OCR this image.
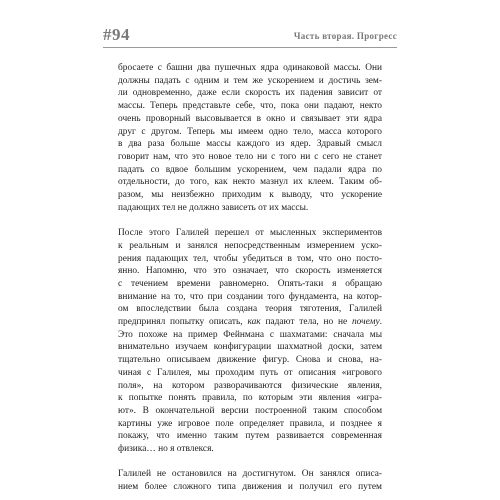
#94	Часть вторая. Прогресс

бросаете с башни два пушечных ядра одинаковой массы. Они
должны падать с одним и тем же ускорением и достичь зем-
ли одновременно, даже если скорость их падения зависит от
массы. Теперь представьте себе, что, пока они падают, некто
очень проворный высовывается в окно и связывает эти ядра
друг с другом. Теперь мы имеем одно тело, масса которого
в два раза больше массы каждого из ядер. Здравый смысл
говорит нам, что это новое тело ни с того ни с сего не станет
падать со вдвое большим ускорением, чем падали ядра по
отдельности, до того, как некто мазнул их клеем. Таким об-
разом, мы неизбежно приходим к выводу, что ускорение
падающих тел не должно зависеть от их массы.

После этого Галилей перешел от мысленных экспериментов
к реальным и занялся непосредственным измерением уско-
рения падающих тел, чтобы убедиться в том, что оно посто-
янно. Напомню, что это означает, что скорость изменяется
с течением времени равномерно. Опять-таки я обращаю
внимание на то, что при создании того фундамента, на котор-
ом впоследствии была создана теория тяготения, Галилей
предпринял попытку описать, как падают тела, но не почему.
Это похоже на пример Фейнмана с шахматами: сначала мы
внимательно изучаем конфигурации шахматной доски, затем
тщательно описываем движение фигур. Снова и снова, на-
чиная с Галилея, мы проходим путь от описания «игрового
поля», на котором разворачиваются физические явления,
к попытке понять правила, по которым эти явления «игра-
ют». В окончательной версии построенной таким способом
картины уже игровое поле определяет правила, и позднее я
покажу, что именно таким путем развивается современная
физика… но я отвлекся.

Галилей не остановился на достигнутом. Он занялся описа-
нием более сложного типа движения и получил его путем
